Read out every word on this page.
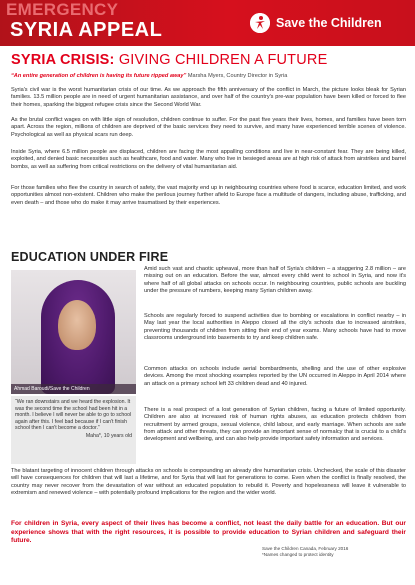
EMERGENCY
SYRIA APPEAL	Save the Children
SYRIA CRISIS: GIVING CHILDREN A FUTURE
“An entire generation of children is having its future ripped away” Marsha Myers, Country Director in Syria
Syria's civil war is the worst humanitarian crisis of our time. As we approach the fifth anniversary of the conflict in March, the picture looks bleak for Syrian families. 13.5 million people are in need of urgent humanitarian assistance, and over half of the country's pre-war population have been killed or forced to flee their homes, sparking the biggest refugee crisis since the Second World War.
As the brutal conflict wages on with little sign of resolution, children continue to suffer. For the past five years their lives, homes, and families have been torn apart. Across the region, millions of children are deprived of the basic services they need to survive, and many have experienced terrible scenes of violence. Psychological as well as physical scars run deep.
Inside Syria, where 6.5 million people are displaced, children are facing the most appalling conditions and live in near-constant fear. They are being killed, exploited, and denied basic necessities such as healthcare, food and water. Many who live in besieged areas are at high risk of attack from airstrikes and barrel bombs, as well as suffering from critical restrictions on the delivery of vital humanitarian aid.
For those families who flee the country in search of safety, the vast majority end up in neighbouring countries where food is scarce, education limited, and work opportunities almost non-existent. Children who make the perilous journey further afield to Europe face a multitude of dangers, including abuse, trafficking, and even death – and those who do make it may arrive traumatised by their experiences.
EDUCATION UNDER FIRE
Ahmad Baroudi/Save the Children
“We ran downstairs and we heard the explosion. It was the second time the school had been hit in a month. I believe I will never be able to go to school again after this. I feel bad because if I can't finish school then I can't become a doctor.”
Maha*, 10 years old
Amid such vast and chaotic upheaval, more than half of Syria's children – a staggering 2.8 million – are missing out on an education. Before the war, almost every child went to school in Syria, and now it's where half of all global attacks on schools occur. In neighbouring countries, public schools are buckling under the pressure of numbers, keeping many Syrian children away.
Schools are regularly forced to suspend activities due to bombing or escalations in conflict nearby – in May last year the local authorities in Aleppo closed all the city's schools due to increased airstrikes, preventing thousands of children from sitting their end of year exams. Many schools have had to move classrooms underground into basements to try and keep children safe.
Common attacks on schools include aerial bombardments, shelling and the use of other explosive devices. Among the most shocking examples reported by the UN occurred in Aleppo in April 2014 where an attack on a primary school left 33 children dead and 40 injured.
There is a real prospect of a lost generation of Syrian children, facing a future of limited opportunity. Children are also at increased risk of human rights abuses, as education protects children from recruitment by armed groups, sexual violence, child labour, and early marriage. When schools are safe from attack and other threats, they can provide an important sense of normalcy that is crucial to a child's development and wellbeing, and can also help provide important safety information and services.
The blatant targeting of innocent children through attacks on schools is compounding an already dire humanitarian crisis. Unchecked, the scale of this disaster will have consequences for children that will last a lifetime, and for Syria that will last for generations to come. Even when the conflict is finally resolved, the country may never recover from the devastation of war without an educated population to rebuild it. Poverty and hopelessness will leave it vulnerable to extremism and renewed violence – with potentially profound implications for the region and the wider world.
For children in Syria, every aspect of their lives has become a conflict, not least the daily battle for an education. But our experience shows that with the right resources, it is possible to provide education to Syrian children and safeguard their future.
Save the Children Canada, February 2016
*Names changed to protect identity
